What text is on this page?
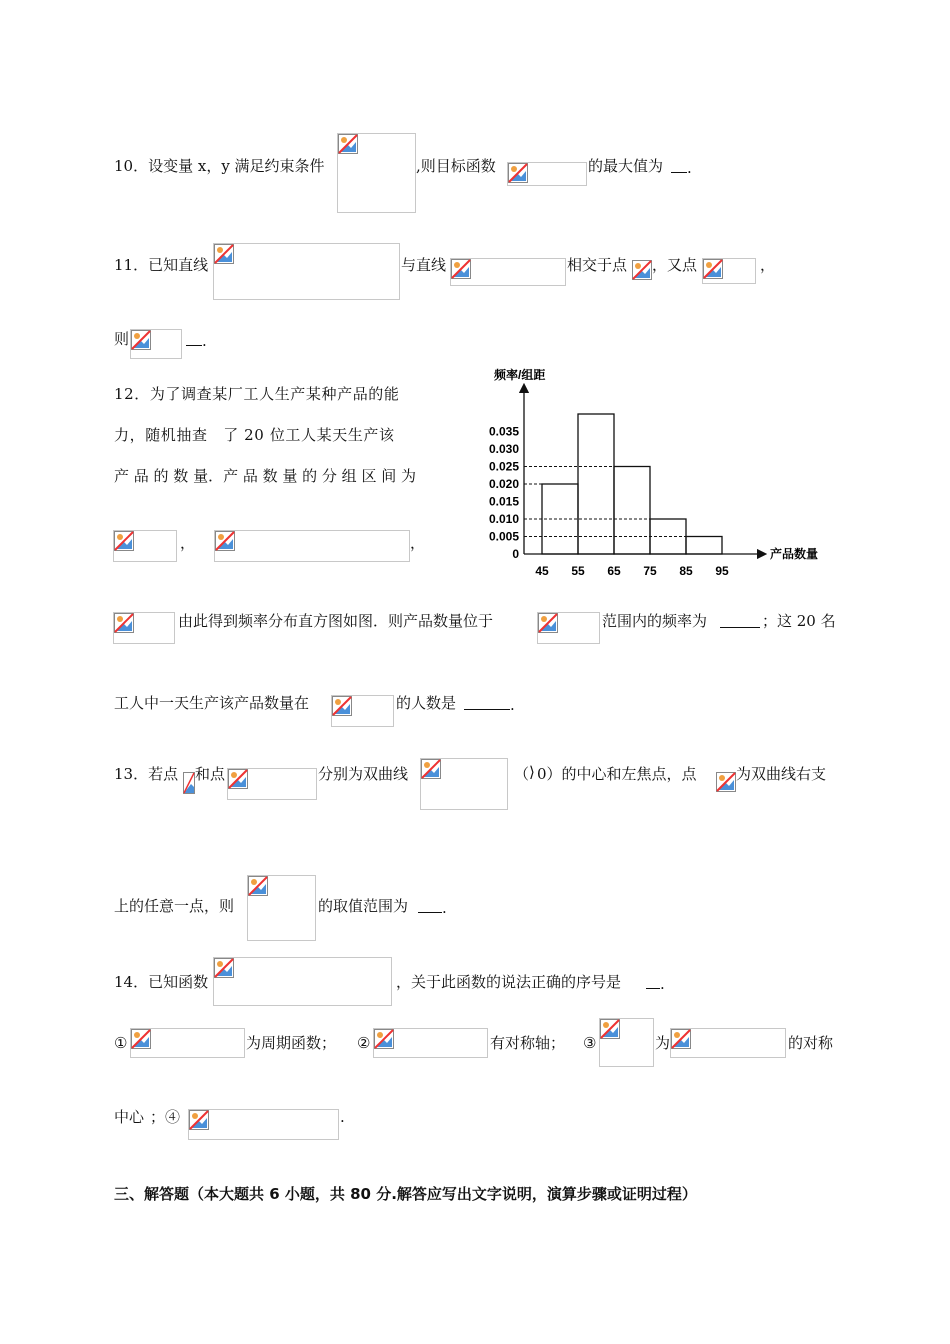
10．设变量 x，y 满足约束条件	,则目标函数	的最大值为	.
11．已知直线	与直线	相交于点 ，又点	，
则	.
12．为了调查某厂工人生产某种产品的能
力，随机抽查　了 20 位工人某天生产该
产 品 的 数 量．产 品 数 量 的 分 组 区 间 为
，	，
频率/组距
0
0.005
0.010
0.015
0.020
0.025
0.030
0.035
45 55 65 75 85 95
产品数量
由此得到频率分布直方图如图．则产品数量位于	范围内的频率为	；这 20 名
工人中一天生产该产品数量在	的人数是	.
13．若点 和点	分别为双曲线	（⟩ 0）的中心和左焦点，点	为双曲线右支
上的任意一点，则	的取值范围为	.
14．已知函数	，关于此函数的说法正确的序号是	.
①	为周期函数； ②	有对称轴； ③	为	的对称
中心 ；④	.
三、解答题（本大题共 6 小题，共 80 分.解答应写出文字说明，演算步骤或证明过程）
